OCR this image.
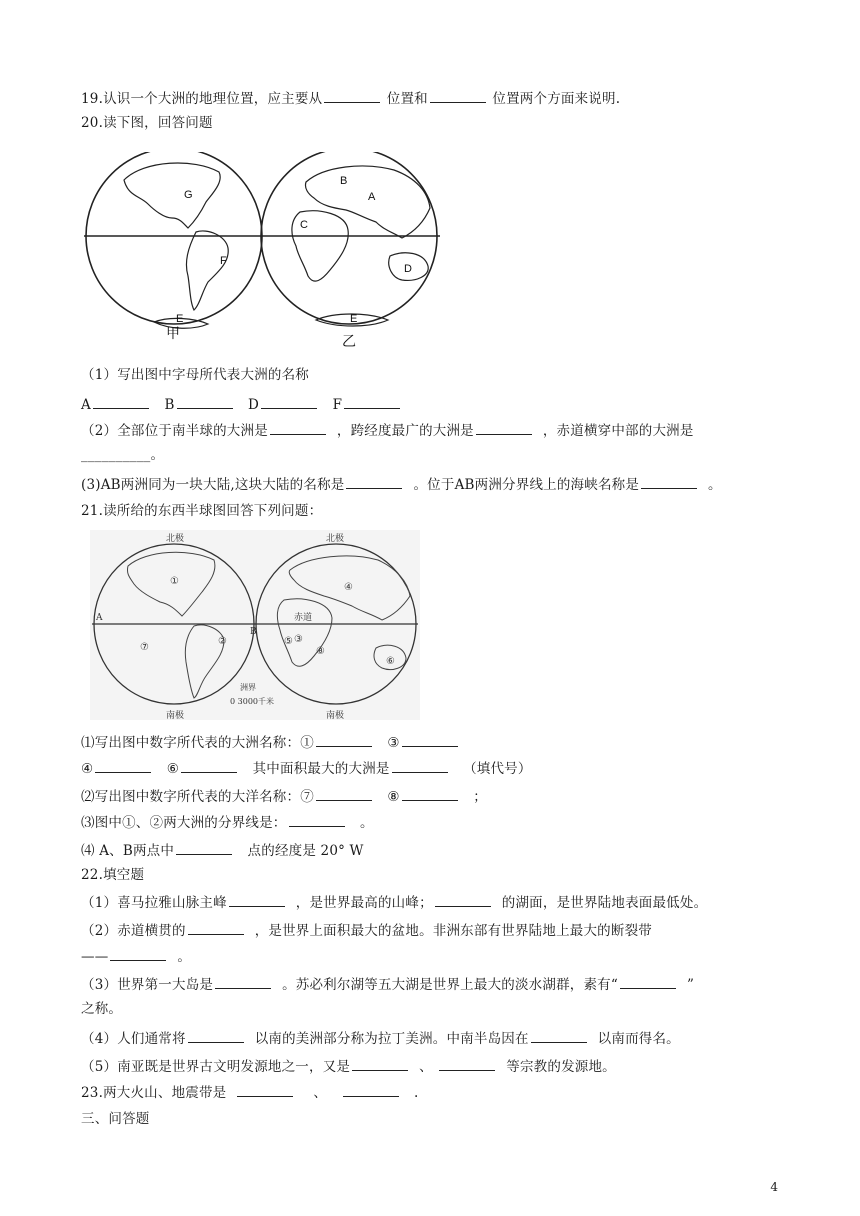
19.认识一个大洲的地理位置，应主要从	位置和	位置两个方面来说明.
20.读下图，回答问题
G
B
A
C
F
D
E	E
甲	乙
（1）写出图中字母所代表大洲的名称
A	B	D	F
（2）全部位于南半球的大洲是	，跨经度最广的大洲是	，赤道横穿中部的大洲是
__________。
(3)AB两洲同为一块大陆,这块大陆的名称是	。位于AB两洲分界线上的海峡名称是	。
21.读所给的东西半球图回答下列问题：
北极	北极
南极	南极
赤道
A
B
洲界
0 3000千米
①
②	③
④
⑤
⑥
⑦	⑧
⑴写出图中数字所代表的大洲名称：①	③
④	⑥	其中面积最大的大洲是	（填代号）
⑵写出图中数字所代表的大洋名称：⑦	⑧	；
⑶图中①、②两大洲的分界线是：	。
⑷ A、B两点中	点的经度是 20° W
22.填空题
（1）喜马拉雅山脉主峰	，是世界最高的山峰；	的湖面，是世界陆地表面最低处。
（2）赤道横贯的	，是世界上面积最大的盆地。非洲东部有世界陆地上最大的断裂带
——	。
（3）世界第一大岛是	。苏必利尔湖等五大湖是世界上最大的淡水湖群，素有“	”
之称。
（4）人们通常将	以南的美洲部分称为拉丁美洲。中南半岛因在	以南而得名。
（5）南亚既是世界古文明发源地之一，又是	、	等宗教的发源地。
23.两大火山、地震带是	、	.
三、问答题
4
